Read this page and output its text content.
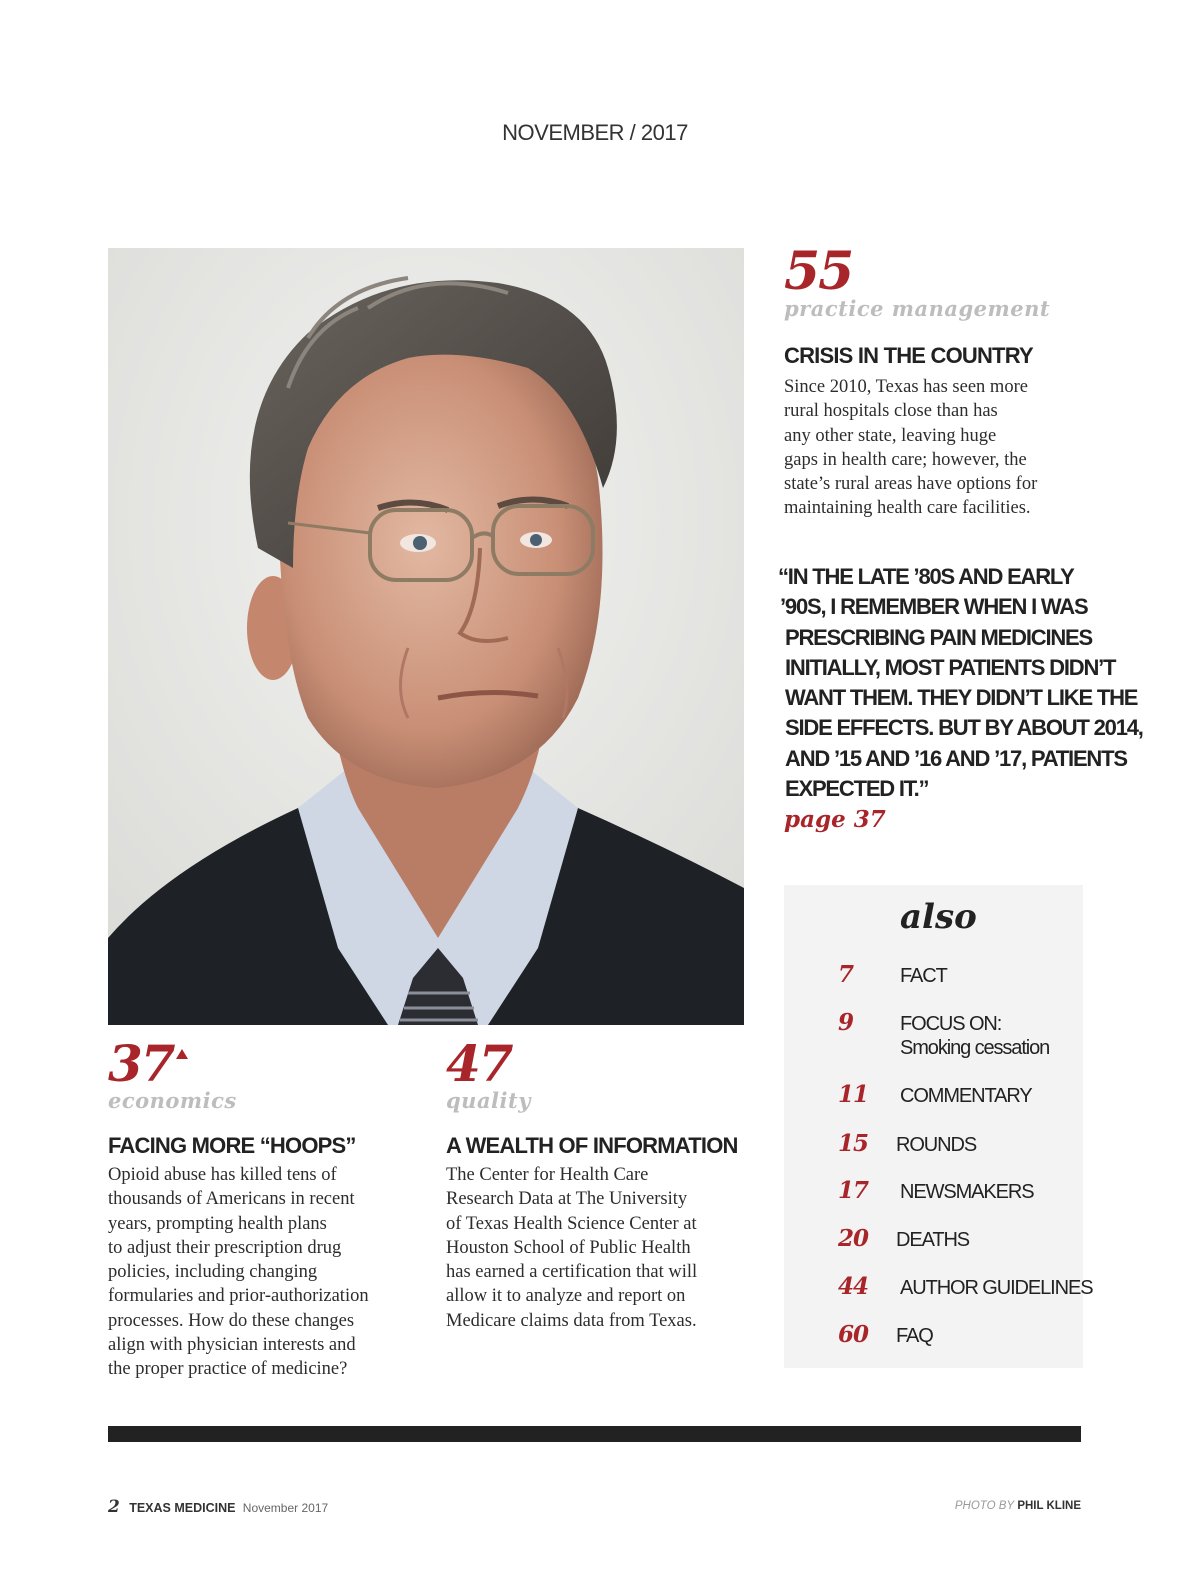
NOVEMBER / 2017
55
practice management
CRISIS IN THE COUNTRY
Since 2010, Texas has seen more
rural hospitals close than has
any other state, leaving huge
gaps in health care; however, the
state’s rural areas have options for
maintaining health care facilities.
“IN THE LATE ’80S AND EARLY
’90S, I REMEMBER WHEN I WAS
PRESCRIBING PAIN MEDICINES
INITIALLY, MOST PATIENTS DIDN’T
WANT THEM. THEY DIDN’T LIKE THE
SIDE EFFECTS. BUT BY ABOUT 2014,
AND ’15 AND ’16 AND ’17, PATIENTS
EXPECTED IT.”
page 37
also
7	FACT
9	FOCUS ON:
Smoking cessation
11	COMMENTARY
15	ROUNDS
17	NEWSMAKERS
20	DEATHS
44	AUTHOR GUIDELINES
60	FAQ
37
economics
FACING MORE “HOOPS”
Opioid abuse has killed tens of
thousands of Americans in recent
years, prompting health plans
to adjust their prescription drug
policies, including changing
formularies and prior-authorization
processes. How do these changes
align with physician interests and
the proper practice of medicine?
47
quality
A WEALTH OF INFORMATION
The Center for Health Care
Research Data at The University
of Texas Health Science Center at
Houston School of Public Health
has earned a certification that will
allow it to analyze and report on
Medicare claims data from Texas.
2 TEXAS MEDICINE November 2017	PHOTO BY PHIL KLINE
